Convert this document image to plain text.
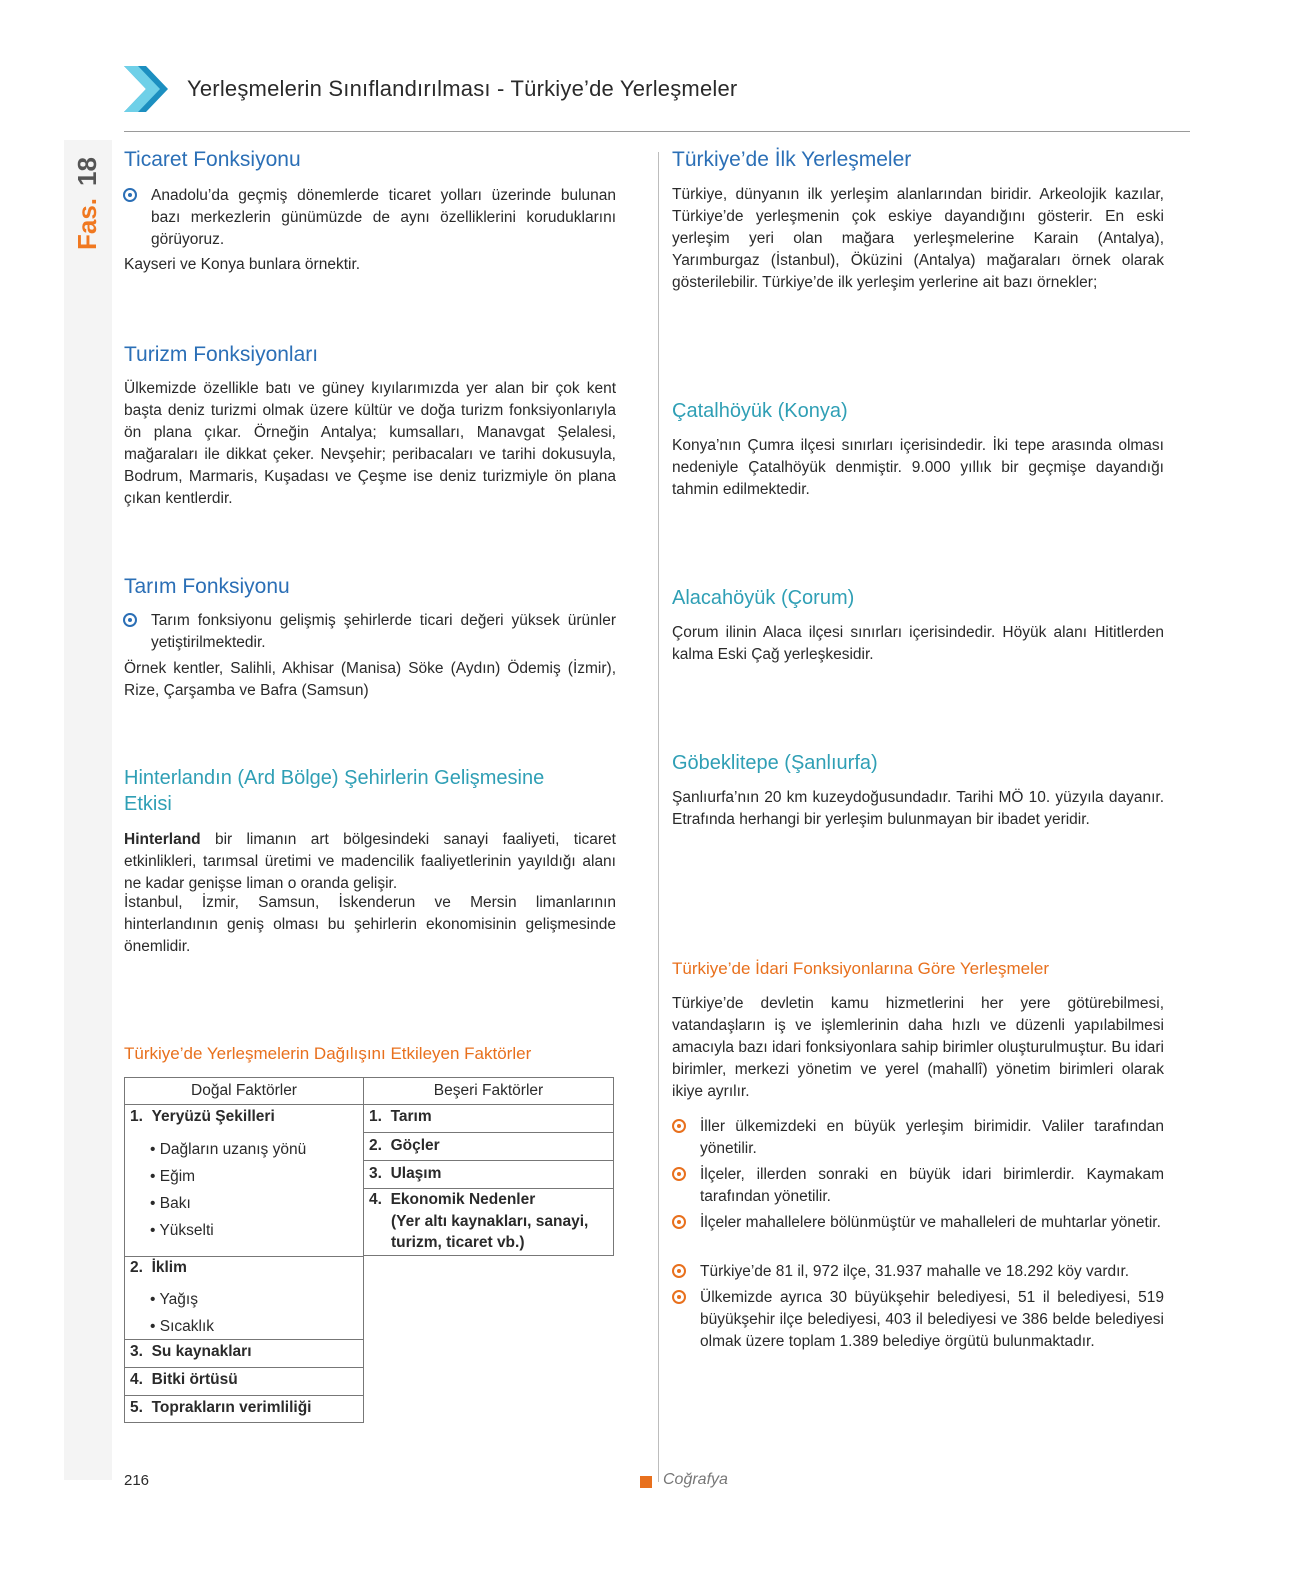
18
Fas.
Yerleşmelerin Sınıflandırılması - Türkiye’de Yerleşmeler
Ticaret Fonksiyonu
Anadolu’da geçmiş dönemlerde ticaret yolları üzerinde bulunan bazı merkezlerin günümüzde de aynı özelliklerini koruduklarını görüyoruz.
Kayseri ve Konya bunlara örnektir.
Turizm Fonksiyonları
Ülkemizde özellikle batı ve güney kıyılarımızda yer alan bir çok kent başta deniz turizmi olmak üzere kültür ve doğa turizm fonksiyonlarıyla ön plana çıkar. Örneğin Antalya; kumsalları, Manavgat Şelalesi, mağaraları ile dikkat çeker. Nevşehir; peribacaları ve tarihi dokusuyla, Bodrum, Marmaris, Kuşadası ve Çeşme ise deniz turizmiyle ön plana çıkan kentlerdir.
Tarım Fonksiyonu
Tarım fonksiyonu gelişmiş şehirlerde ticari değeri yüksek ürünler yetiştirilmektedir.
Örnek kentler, Salihli, Akhisar (Manisa) Söke (Aydın) Ödemiş (İzmir), Rize, Çarşamba ve Bafra (Samsun)
Hinterlandın (Ard Bölge) Şehirlerin Gelişmesine
Etkisi
Hinterland bir limanın art bölgesindeki sanayi faaliyeti, ticaret etkinlikleri, tarımsal üretimi ve madencilik faaliyetlerinin yayıldığı alanı ne kadar genişse liman o oranda gelişir.
İstanbul, İzmir, Samsun, İskenderun ve Mersin limanlarının hinterlandının geniş olması bu şehirlerin ekonomisinin gelişmesinde önemlidir.
Türkiye’de Yerleşmelerin Dağılışını Etkileyen Faktörler
Doğal Faktörler	Beşeri Faktörler
1. Yeryüzü Şekilleri
• Dağların uzanış yönü
• Eğim
• Bakı
• Yükselti
2. İklim
• Yağış
• Sıcaklık
3. Su kaynakları
4. Bitki örtüsü
5. Toprakların verimliliği
1. Tarım
2. Göçler
3. Ulaşım
4. Ekonomik Nedenler
(Yer altı kaynakları, sanayi,
turizm, ticaret vb.)
Türkiye’de İlk Yerleşmeler
Türkiye, dünyanın ilk yerleşim alanlarından biridir. Arkeolojik kazılar, Türkiye’de yerleşmenin çok eskiye dayandığını gösterir. En eski yerleşim yeri olan mağara yerleşmelerine Karain (Antalya), Yarımburgaz (İstanbul), Öküzini (Antalya) mağaraları örnek olarak gösterilebilir. Türkiye’de ilk yerleşim yerlerine ait bazı örnekler;
Çatalhöyük (Konya)
Konya’nın Çumra ilçesi sınırları içerisindedir. İki tepe arasında olması nedeniyle Çatalhöyük denmiştir. 9.000 yıllık bir geçmişe dayandığı tahmin edilmektedir.
Alacahöyük (Çorum)
Çorum ilinin Alaca ilçesi sınırları içerisindedir. Höyük alanı Hititlerden kalma Eski Çağ yerleşkesidir.
Göbeklitepe (Şanlıurfa)
Şanlıurfa’nın 20 km kuzeydoğusundadır. Tarihi MÖ 10. yüzyıla dayanır. Etrafında herhangi bir yerleşim bulunmayan bir ibadet yeridir.
Türkiye’de İdari Fonksiyonlarına Göre Yerleşmeler
Türkiye’de devletin kamu hizmetlerini her yere götürebilmesi, vatandaşların iş ve işlemlerinin daha hızlı ve düzenli yapılabilmesi amacıyla bazı idari fonksiyonlara sahip birimler oluşturulmuştur. Bu idari birimler, merkezi yönetim ve yerel (mahallî) yönetim birimleri olarak ikiye ayrılır.
İller ülkemizdeki en büyük yerleşim birimidir. Valiler tarafından yönetilir.
İlçeler, illerden sonraki en büyük idari birimlerdir. Kaymakam tarafından yönetilir.
İlçeler mahallelere bölünmüştür ve mahalleleri de muhtarlar yönetir.
Türkiye’de 81 il, 972 ilçe, 31.937 mahalle ve 18.292 köy vardır.
Ülkemizde ayrıca 30 büyükşehir belediyesi, 51 il belediyesi, 519 büyükşehir ilçe belediyesi, 403 il belediyesi ve 386 belde belediyesi olmak üzere toplam 1.389 belediye örgütü bulunmaktadır.
216	Coğrafya
